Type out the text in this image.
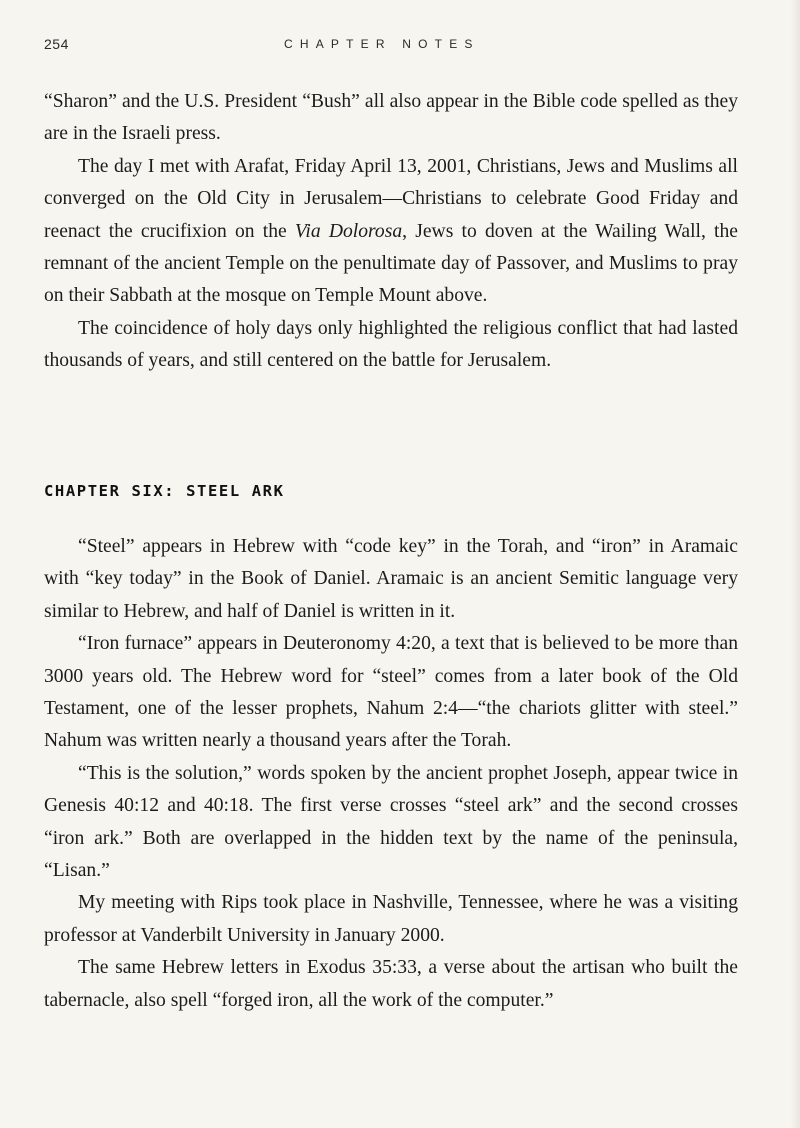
254	CHAPTER NOTES

“Sharon” and the U.S. President “Bush” all also appear in the Bible code spelled as they are in the Israeli press.

The day I met with Arafat, Friday April 13, 2001, Christians, Jews and Muslims all converged on the Old City in Jerusalem—Christians to celebrate Good Friday and reenact the crucifixion on the Via Dolorosa, Jews to doven at the Wailing Wall, the remnant of the ancient Temple on the penultimate day of Passover, and Muslims to pray on their Sabbath at the mosque on Temple Mount above.

The coincidence of holy days only highlighted the religious conflict that had lasted thousands of years, and still centered on the battle for Jerusalem.

CHAPTER SIX: STEEL ARK

“Steel” appears in Hebrew with “code key” in the Torah, and “iron” in Aramaic with “key today” in the Book of Daniel. Aramaic is an ancient Semitic language very similar to Hebrew, and half of Daniel is written in it.

“Iron furnace” appears in Deuteronomy 4:20, a text that is believed to be more than 3000 years old. The Hebrew word for “steel” comes from a later book of the Old Testament, one of the lesser prophets, Nahum 2:4—“the chariots glitter with steel.” Nahum was written nearly a thousand years after the Torah.

“This is the solution,” words spoken by the ancient prophet Joseph, appear twice in Genesis 40:12 and 40:18. The first verse crosses “steel ark” and the second crosses “iron ark.” Both are overlapped in the hidden text by the name of the peninsula, “Lisan.”

My meeting with Rips took place in Nashville, Tennessee, where he was a visiting professor at Vanderbilt University in January 2000.

The same Hebrew letters in Exodus 35:33, a verse about the artisan who built the tabernacle, also spell “forged iron, all the work of the computer.”
